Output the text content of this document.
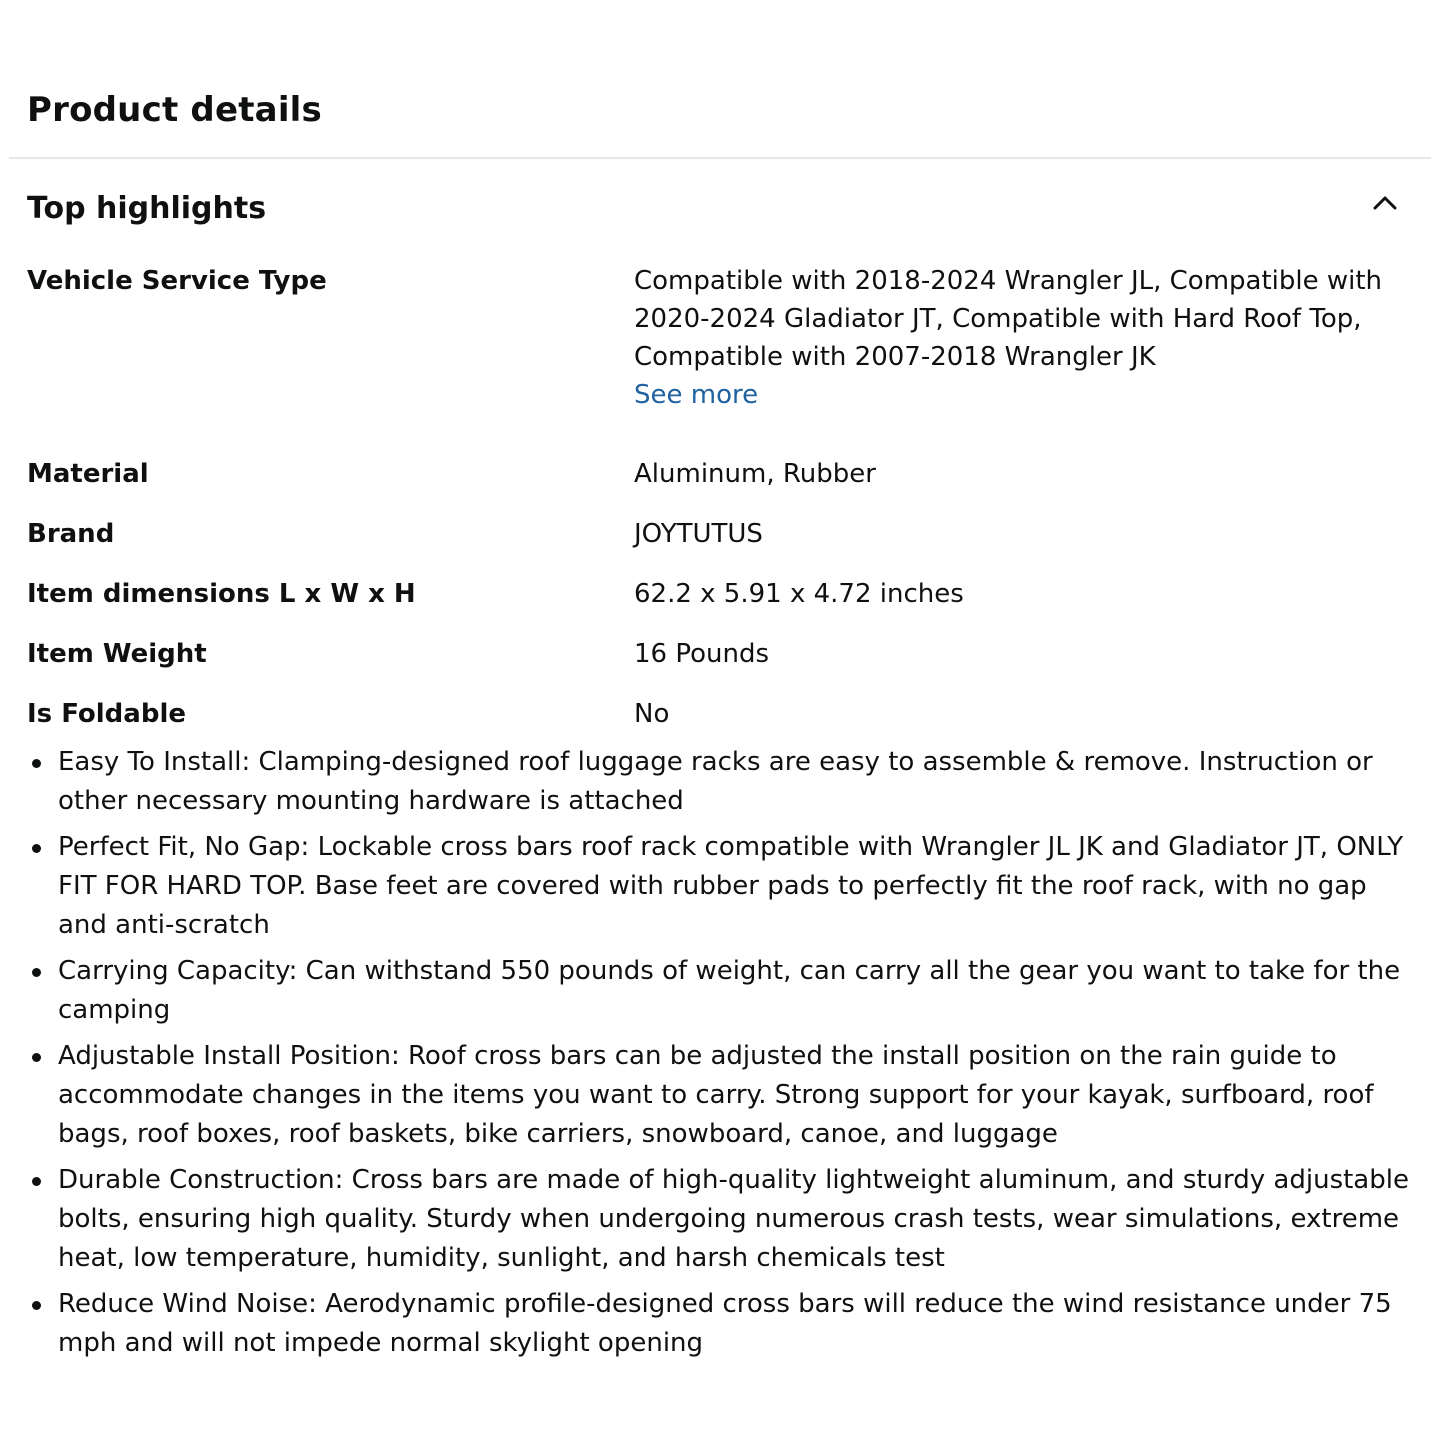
Product details
Top highlights
Vehicle Service Type	Compatible with 2018-2024 Wrangler JL, Compatible with 2020-2024 Gladiator JT, Compatible with Hard Roof Top, Compatible with 2007-2018 Wrangler JK
See more
Material	Aluminum, Rubber
Brand	JOYTUTUS
Item dimensions L x W x H	62.2 x 5.91 x 4.72 inches
Item Weight	16 Pounds
Is Foldable	No
Easy To Install: Clamping-designed roof luggage racks are easy to assemble & remove. Instruction or other necessary mounting hardware is attached
Perfect Fit, No Gap: Lockable cross bars roof rack compatible with Wrangler JL JK and Gladiator JT, ONLY FIT FOR HARD TOP. Base feet are covered with rubber pads to perfectly fit the roof rack, with no gap and anti-scratch
Carrying Capacity: Can withstand 550 pounds of weight, can carry all the gear you want to take for the camping
Adjustable Install Position: Roof cross bars can be adjusted the install position on the rain guide to accommodate changes in the items you want to carry. Strong support for your kayak, surfboard, roof bags, roof boxes, roof baskets, bike carriers, snowboard, canoe, and luggage
Durable Construction: Cross bars are made of high-quality lightweight aluminum, and sturdy adjustable bolts, ensuring high quality. Sturdy when undergoing numerous crash tests, wear simulations, extreme heat, low temperature, humidity, sunlight, and harsh chemicals test
Reduce Wind Noise: Aerodynamic profile-designed cross bars will reduce the wind resistance under 75 mph and will not impede normal skylight opening
